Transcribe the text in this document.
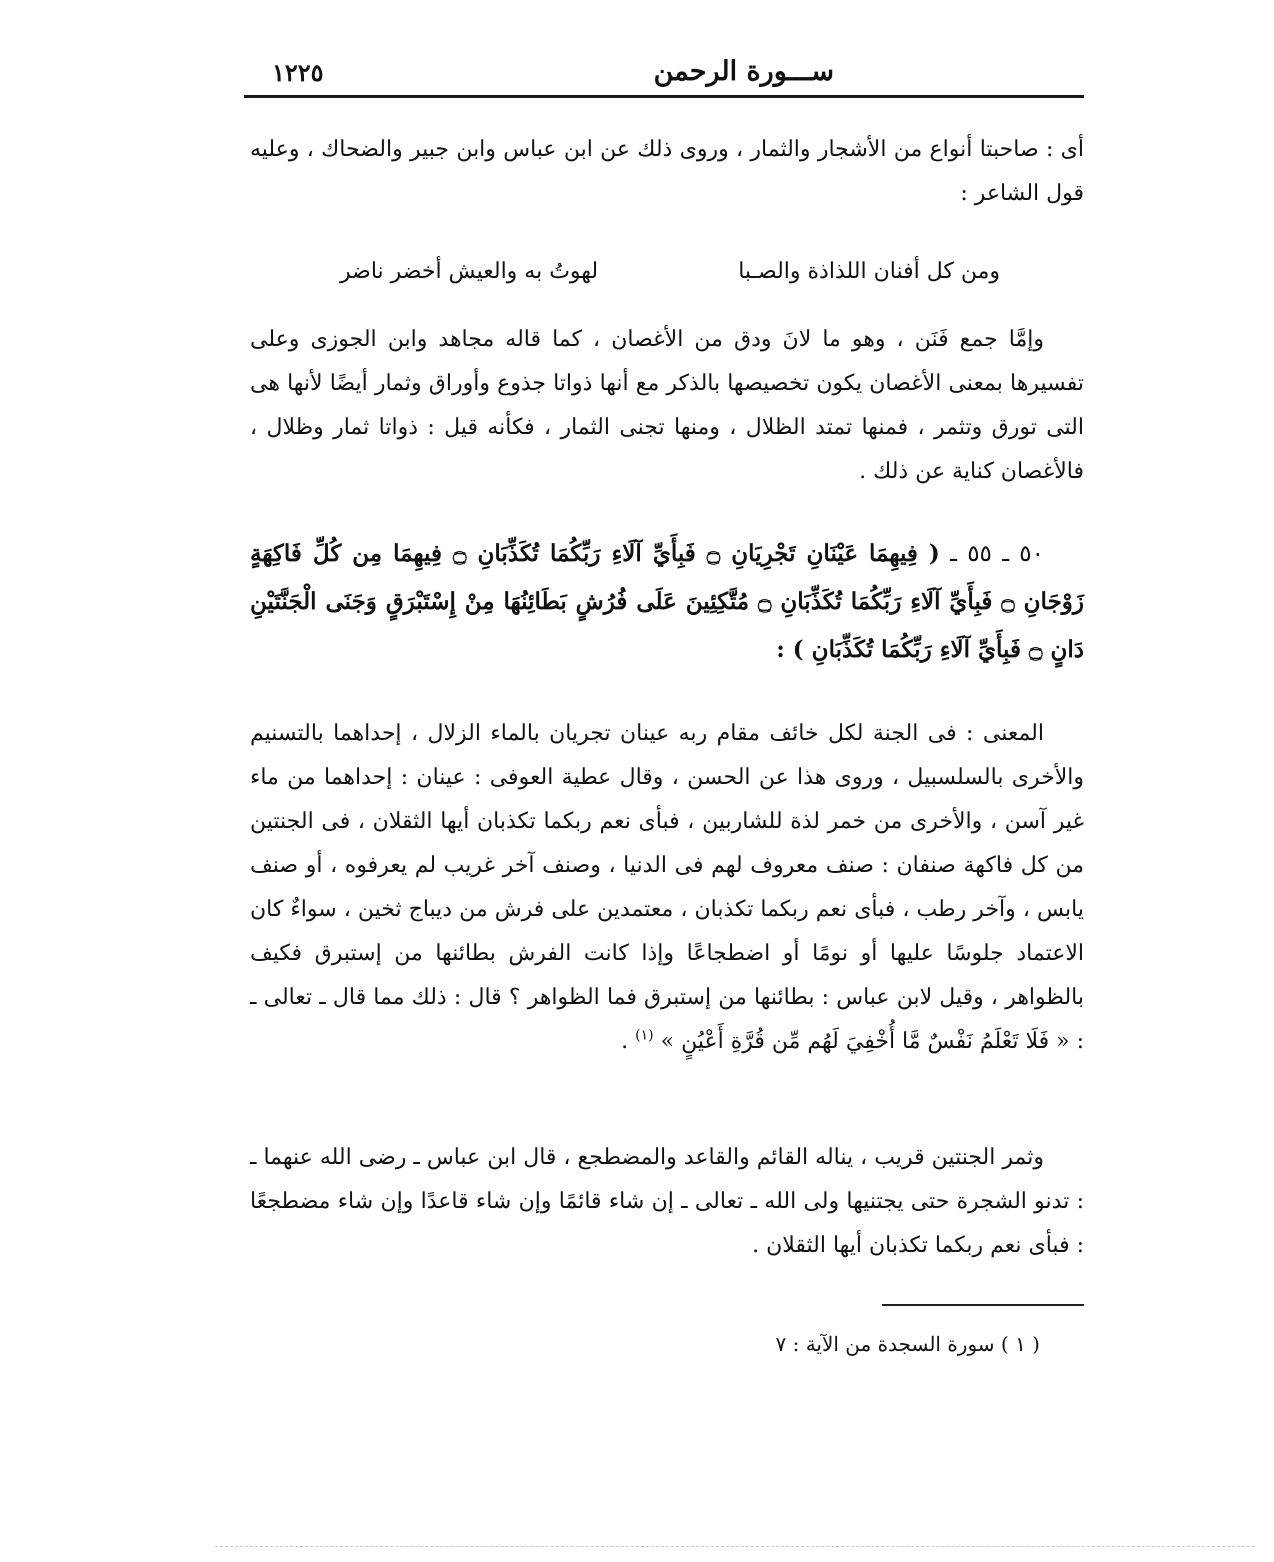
ســـورة الرحمن
١٢٢٥

أى : صاحبتا أنواع من الأشجار والثمار ، وروى ذلك عن ابن عباس وابن جبير والضحاك ، وعليه قول الشاعر :

ومن كل أفنان اللذاذة والصـبا
لهوتُ به والعيش أخضر ناضر

وإمَّا جمع فَنَن ، وهو ما لانَ ودق من الأغصان ، كما قاله مجاهد وابن الجوزى وعلى تفسيرها بمعنى الأغصان يكون تخصيصها بالذكر مع أنها ذواتا جذوع وأوراق وثمار أيضًا لأنها هى التى تورق وتثمر ، فمنها تمتد الظلال ، ومنها تجنى الثمار ، فكأنه قيل : ذواتا ثمار وظلال ، فالأغصان كناية عن ذلك .

٥٠ ـ ٥٥ ـ ( فِيهِمَا عَيْنَانِ تَجْرِيَانِ ۝ فَبِأَيِّ آلَاءِ رَبِّكُمَا تُكَذِّبَانِ ۝ فِيهِمَا مِن كُلِّ فَاكِهَةٍ زَوْجَانِ ۝ فَبِأَيِّ آلَاءِ رَبِّكُمَا تُكَذِّبَانِ ۝ مُتَّكِئِينَ عَلَى فُرُشٍ بَطَائِنُهَا مِنْ إِسْتَبْرَقٍ وَجَنَى الْجَنَّتَيْنِ دَانٍ ۝ فَبِأَيِّ آلَاءِ رَبِّكُمَا تُكَذِّبَانِ ) :

المعنى : فى الجنة لكل خائف مقام ربه عينان تجريان بالماء الزلال ، إحداهما بالتسنيم والأخرى بالسلسبيل ، وروى هذا عن الحسن ، وقال عطية العوفى : عينان : إحداهما من ماء غير آسن ، والأخرى من خمر لذة للشاربين ، فبأى نعم ربكما تكذبان أيها الثقلان ، فى الجنتين من كل فاكهة صنفان : صنف معروف لهم فى الدنيا ، وصنف آخر غريب لم يعرفوه ، أو صنف يابس ، وآخر رطب ، فبأى نعم ربكما تكذبان ، معتمدين على فرش من ديباج ثخين ، سواءٌ كان الاعتماد جلوسًا عليها أو نومًا أو اضطجاعًا وإذا كانت الفرش بطائنها من إستبرق فكيف بالظواهر ، وقيل لابن عباس : بطائنها من إستبرق فما الظواهر ؟ قال : ذلك مما قال ـ تعالى ـ : « فَلَا تَعْلَمُ نَفْسٌ مَّا أُخْفِيَ لَهُم مِّن قُرَّةِ أَعْيُنٍ » $^{(١)}$ .

وثمر الجنتين قريب ، يناله القائم والقاعد والمضطجع ، قال ابن عباس ـ رضى الله عنهما ـ : تدنو الشجرة حتى يجتنيها ولى الله ـ تعالى ـ إن شاء قائمًا وإن شاء قاعدًا وإن شاء مضطجعًا : فبأى نعم ربكما تكذبان أيها الثقلان .

( ١ ) سورة السجدة من الآية : ٧
